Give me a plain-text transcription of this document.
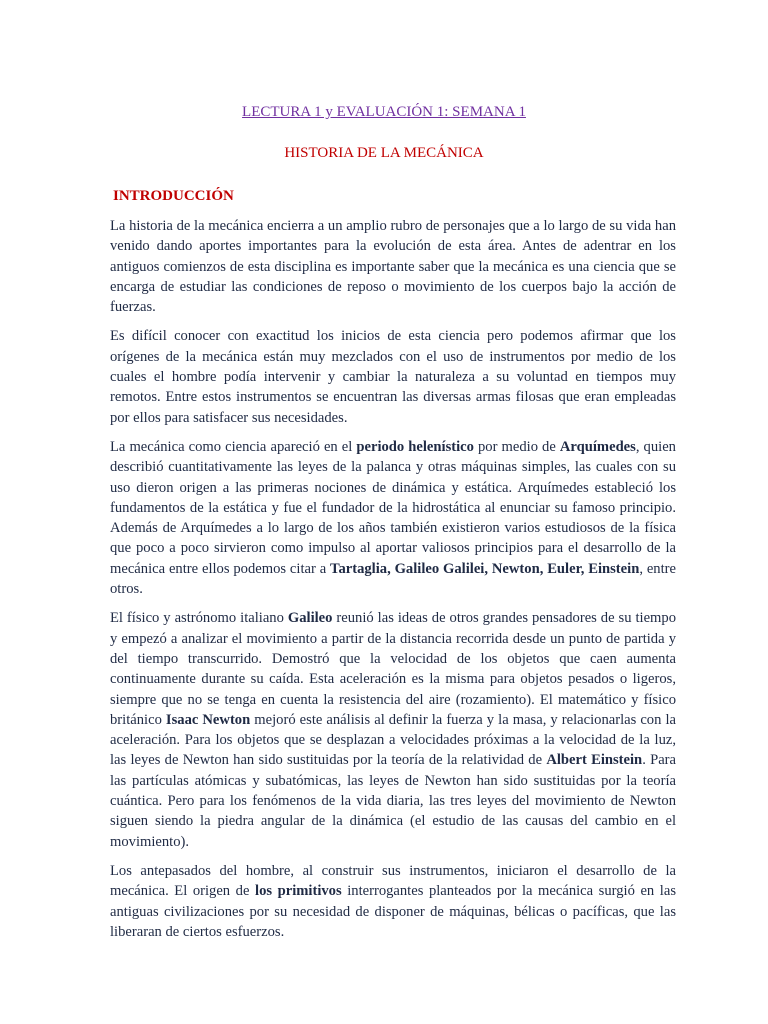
LECTURA 1 y EVALUACIÓN 1: SEMANA 1
HISTORIA DE LA MECÁNICA
INTRODUCCIÓN

La historia de la mecánica encierra a un amplio rubro de personajes que a lo largo de su vida han venido dando aportes importantes para la evolución de esta área. Antes de adentrar en los antiguos comienzos de esta disciplina es importante saber que la mecánica es una ciencia que se encarga de estudiar las condiciones de reposo o movimiento de los cuerpos bajo la acción de fuerzas.

Es difícil conocer con exactitud los inicios de esta ciencia pero podemos afirmar que los orígenes de la mecánica están muy mezclados con el uso de instrumentos por medio de los cuales el hombre podía intervenir y cambiar la naturaleza a su voluntad en tiempos muy remotos. Entre estos instrumentos se encuentran las diversas armas filosas que eran empleadas por ellos para satisfacer sus necesidades.

La mecánica como ciencia apareció en el periodo helenístico por medio de Arquímedes, quien describió cuantitativamente las leyes de la palanca y otras máquinas simples, las cuales con su uso dieron origen a las primeras nociones de dinámica y estática. Arquímedes estableció los fundamentos de la estática y fue el fundador de la hidrostática al enunciar su famoso principio. Además de Arquímedes a lo largo de los años también existieron varios estudiosos de la física que poco a poco sirvieron como impulso al aportar valiosos principios para el desarrollo de la mecánica entre ellos podemos citar a Tartaglia, Galileo Galilei, Newton, Euler, Einstein, entre otros.

El físico y astrónomo italiano Galileo reunió las ideas de otros grandes pensadores de su tiempo y empezó a analizar el movimiento a partir de la distancia recorrida desde un punto de partida y del tiempo transcurrido. Demostró que la velocidad de los objetos que caen aumenta continuamente durante su caída. Esta aceleración es la misma para objetos pesados o ligeros, siempre que no se tenga en cuenta la resistencia del aire (rozamiento). El matemático y físico británico Isaac Newton mejoró este análisis al definir la fuerza y la masa, y relacionarlas con la aceleración. Para los objetos que se desplazan a velocidades próximas a la velocidad de la luz, las leyes de Newton han sido sustituidas por la teoría de la relatividad de Albert Einstein. Para las partículas atómicas y subatómicas, las leyes de Newton han sido sustituidas por la teoría cuántica. Pero para los fenómenos de la vida diaria, las tres leyes del movimiento de Newton siguen siendo la piedra angular de la dinámica (el estudio de las causas del cambio en el movimiento).

Los antepasados del hombre, al construir sus instrumentos, iniciaron el desarrollo de la mecánica. El origen de los primitivos interrogantes planteados por la mecánica surgió en las antiguas civilizaciones por su necesidad de disponer de máquinas, bélicas o pacíficas, que las liberaran de ciertos esfuerzos.
